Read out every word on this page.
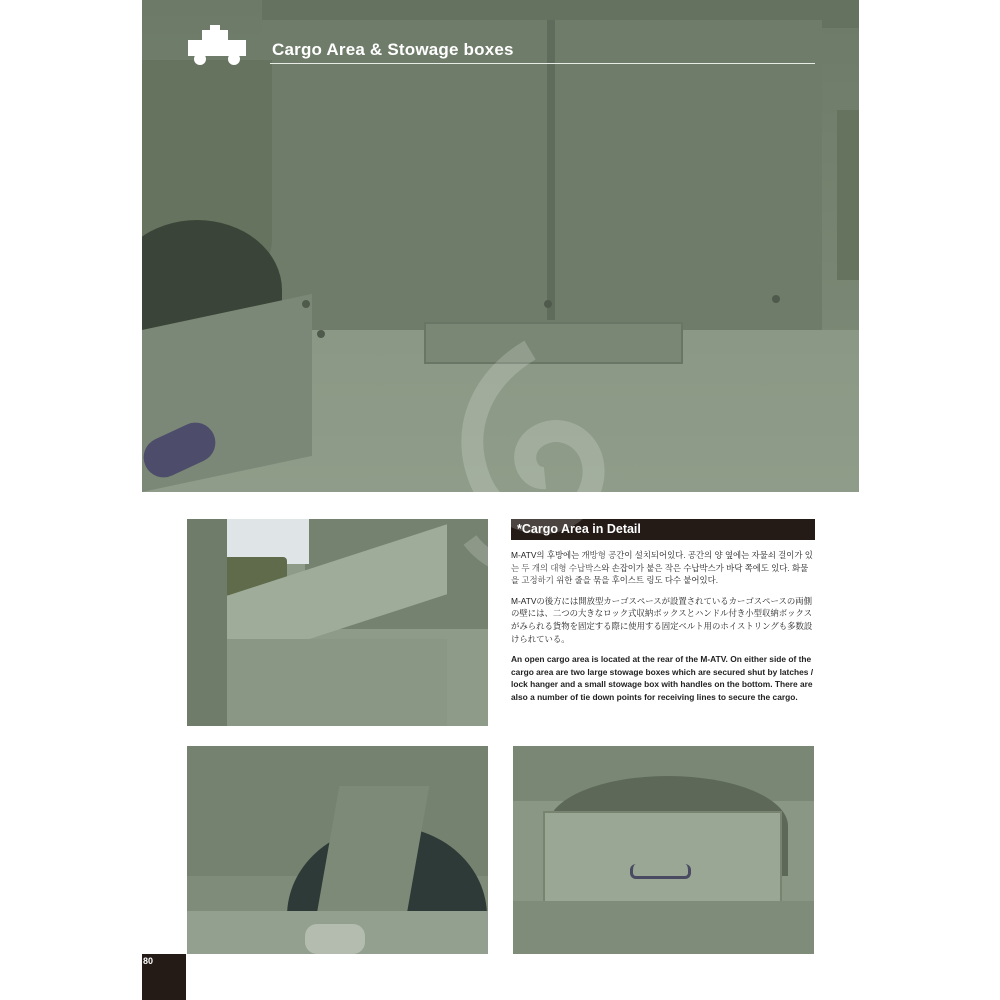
Cargo Area & Stowage boxes
*Cargo Area in Detail
M-ATV의 후방에는 개방형 공간이 설치되어있다. 공간의 양 옆에는 자물쇠 걸이가 있는 두 개의 대형 수납박스와 손잡이가 붙은 작은 수납박스가 바닥 쪽에도 있다. 화물을 고정하기 위한 줄을 묶을 후이스트 링도 다수 붙어있다.
M-ATVの後方には開放型カーゴスペースが設置されているカーゴスペースの両側の壁には、二つの大きなロック式収納ボックスとハンドル付き小型収納ボックスがみられる貨物を固定する際に使用する固定ベルト用のホイストリングも多数設けられている。
An open cargo area is located at the rear of the M-ATV. On either side of the cargo area are two large stowage boxes which are secured shut by latches / lock hanger and a small stowage box with handles on the bottom. There are also a number of tie down points for receiving lines to secure the cargo.
80
